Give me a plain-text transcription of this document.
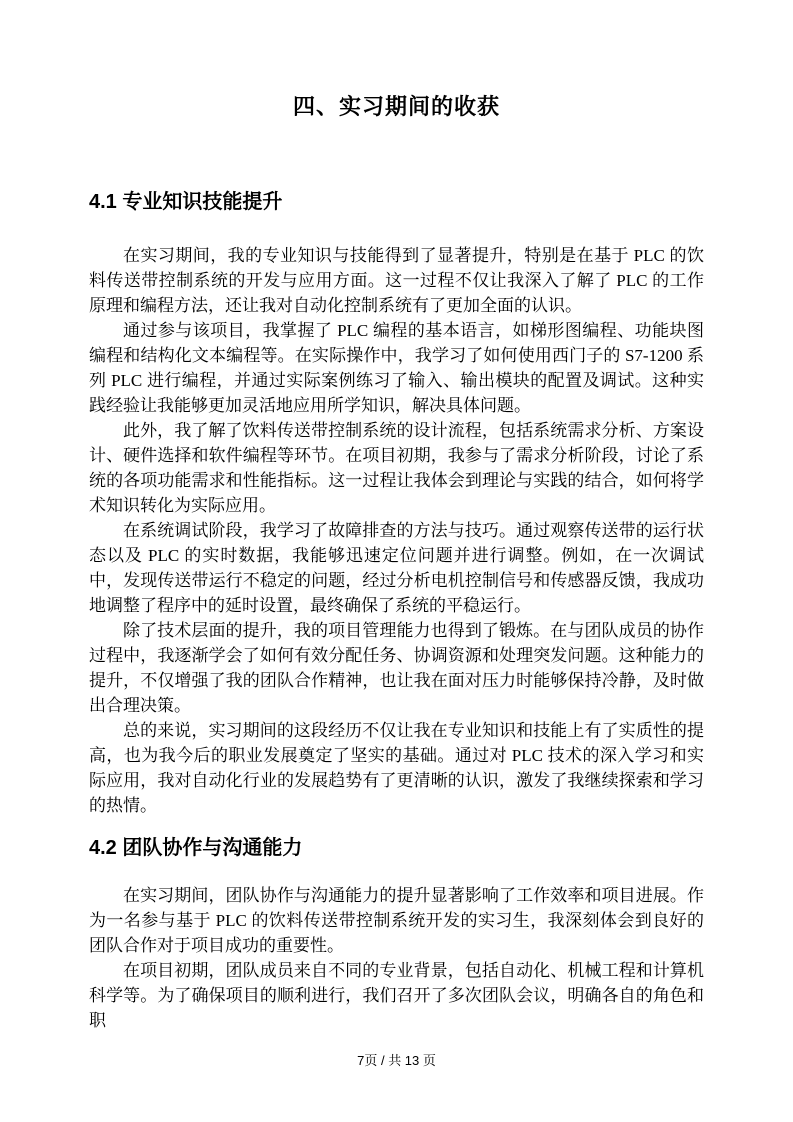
四、实习期间的收获
4.1 专业知识技能提升

在实习期间，我的专业知识与技能得到了显著提升，特别是在基于 PLC 的饮料传送带控制系统的开发与应用方面。这一过程不仅让我深入了解了 PLC 的工作原理和编程方法，还让我对自动化控制系统有了更加全面的认识。

通过参与该项目，我掌握了 PLC 编程的基本语言，如梯形图编程、功能块图编程和结构化文本编程等。在实际操作中，我学习了如何使用西门子的 S7-1200 系列 PLC 进行编程，并通过实际案例练习了输入、输出模块的配置及调试。这种实践经验让我能够更加灵活地应用所学知识，解决具体问题。

此外，我了解了饮料传送带控制系统的设计流程，包括系统需求分析、方案设计、硬件选择和软件编程等环节。在项目初期，我参与了需求分析阶段，讨论了系统的各项功能需求和性能指标。这一过程让我体会到理论与实践的结合，如何将学术知识转化为实际应用。

在系统调试阶段，我学习了故障排查的方法与技巧。通过观察传送带的运行状态以及 PLC 的实时数据，我能够迅速定位问题并进行调整。例如，在一次调试中，发现传送带运行不稳定的问题，经过分析电机控制信号和传感器反馈，我成功地调整了程序中的延时设置，最终确保了系统的平稳运行。

除了技术层面的提升，我的项目管理能力也得到了锻炼。在与团队成员的协作过程中，我逐渐学会了如何有效分配任务、协调资源和处理突发问题。这种能力的提升，不仅增强了我的团队合作精神，也让我在面对压力时能够保持冷静，及时做出合理决策。

总的来说，实习期间的这段经历不仅让我在专业知识和技能上有了实质性的提高，也为我今后的职业发展奠定了坚实的基础。通过对 PLC 技术的深入学习和实际应用，我对自动化行业的发展趋势有了更清晰的认识，激发了我继续探索和学习的热情。

4.2 团队协作与沟通能力

在实习期间，团队协作与沟通能力的提升显著影响了工作效率和项目进展。作为一名参与基于 PLC 的饮料传送带控制系统开发的实习生，我深刻体会到良好的团队合作对于项目成功的重要性。

在项目初期，团队成员来自不同的专业背景，包括自动化、机械工程和计算机科学等。为了确保项目的顺利进行，我们召开了多次团队会议，明确各自的角色和职

7页 / 共 13 页
